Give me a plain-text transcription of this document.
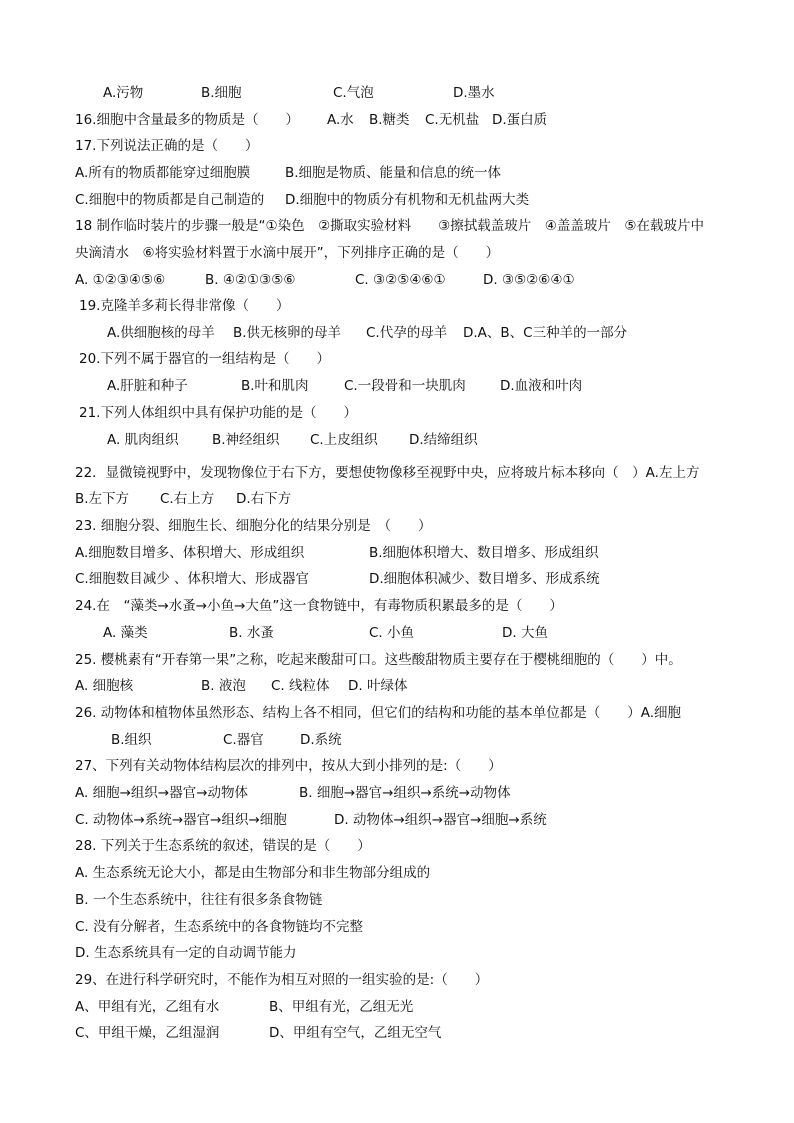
A.污物	B.细胞	C.气泡	D.墨水
16.细胞中含量最多的物质是（　　） A.水 B.糖类 C.无机盐 D.蛋白质
17.下列说法正确的是（　　）
A.所有的物质都能穿过细胞膜	B.细胞是物质、能量和信息的统一体
C.细胞中的物质都是自己制造的 D.细胞中的物质分有机物和无机盐两大类
18 制作临时装片的步骤一般是“①染色　②撕取实验材料　　③擦拭载盖玻片　④盖盖玻片　⑤在载玻片中
央滴清水　⑥将实验材料置于水滴中展开”，下列排序正确的是（　　）
A. ①②③④⑤⑥	B. ④②①③⑤⑥	C. ③②⑤④⑥①	D. ③⑤②⑥④①
19.克隆羊多莉长得非常像（　　）
A.供细胞核的母羊 B.供无核卵的母羊 C.代孕的母羊 D.A、B、C三种羊的一部分
20.下列不属于器官的一组结构是（　　）
A.肝脏和种子	B.叶和肌肉	C.一段骨和一块肌肉	D.血液和叶肉
21.下列人体组织中具有保护功能的是（　　）
A. 肌肉组织 B.神经组织 C.上皮组织 D.结缔组织
22．显微镜视野中，发现物像位于右下方，要想使物像移至视野中央，应将玻片标本移向（　）A.左上方
B.左下方 C.右上方 D.右下方
23. 细胞分裂、细胞生长、细胞分化的结果分别是　（　　）
A.细胞数目增多、体积增大、形成组织	B.细胞体积增大、数目增多、形成组织
C.细胞数目减少 、体积增大、形成器官	D.细胞体积减少、数目增多、形成系统
24.在　“藻类→水蚤→小鱼→大鱼”这一食物链中，有毒物质积累最多的是（　　）
A. 藻类	B. 水蚤	C. 小鱼	D. 大鱼
25. 樱桃素有“开春第一果”之称，吃起来酸甜可口。这些酸甜物质主要存在于樱桃细胞的（　　）中。
A. 细胞核	B. 液泡 C. 线粒体 D. 叶绿体
26. 动物体和植物体虽然形态、结构上各不相同，但它们的结构和功能的基本单位都是（　　）A.细胞
B.组织	C.器官	D.系统
27、下列有关动物体结构层次的排列中，按从大到小排列的是:（　　）
A. 细胞→组织→器官→动物体	B. 细胞→器官→组织→系统→动物体
C. 动物体→系统→器官→组织→细胞	D. 动物体→组织→器官→细胞→系统
28. 下列关于生态系统的叙述，错误的是（　　）
A. 生态系统无论大小，都是由生物部分和非生物部分组成的
B. 一个生态系统中，往往有很多条食物链
C. 没有分解者，生态系统中的各食物链均不完整
D. 生态系统具有一定的自动调节能力
29、在进行科学研究时，不能作为相互对照的一组实验的是:（　　）
A、甲组有光，乙组有水	B、甲组有光，乙组无光
C、甲组干燥，乙组湿润	D、甲组有空气，乙组无空气
